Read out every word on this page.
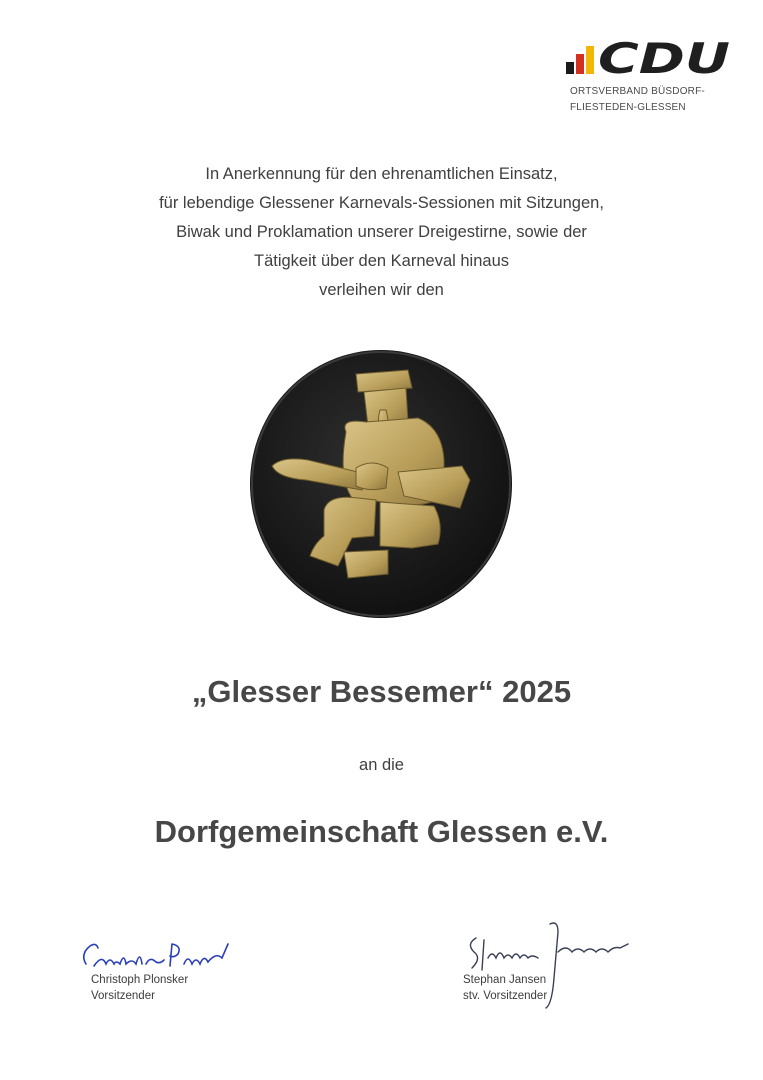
CDU
ORTSVERBAND BÜSDORF-
FLIESTEDEN-GLESSEN
In Anerkennung für den ehrenamtlichen Einsatz,
für lebendige Glessener Karnevals-Sessionen mit Sitzungen,
Biwak und Proklamation unserer Dreigestirne, sowie der
Tätigkeit über den Karneval hinaus
verleihen wir den
„Glesser Bessemer“ 2025
an die
Dorfgemeinschaft Glessen e.V.
Christoph Plonsker
Vorsitzender
Stephan Jansen
stv. Vorsitzender
